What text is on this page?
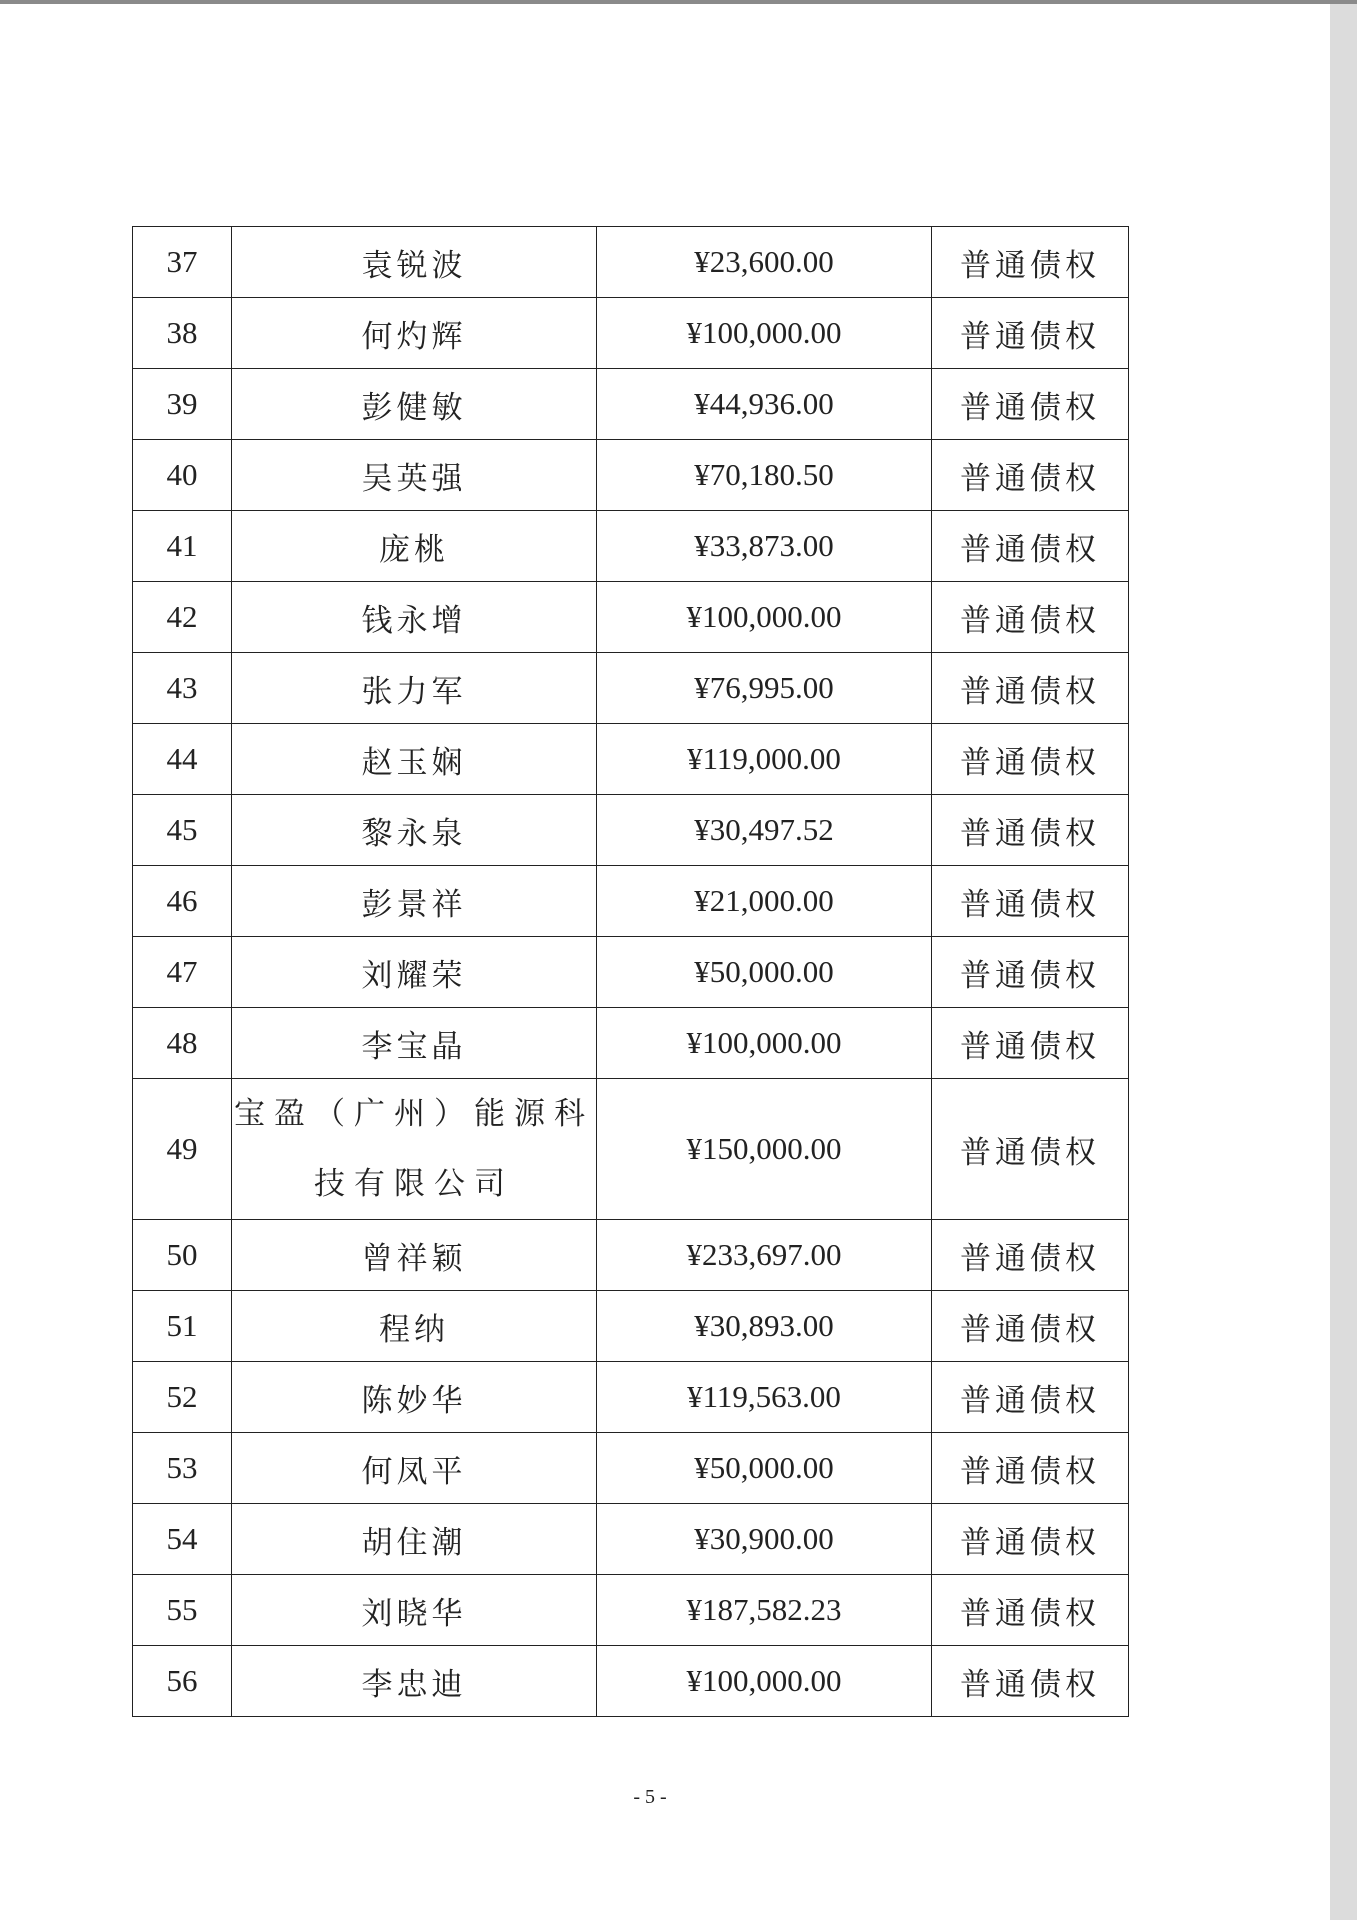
37	袁锐波	¥23,600.00	普通债权
38	何灼辉	¥100,000.00	普通债权
39	彭健敏	¥44,936.00	普通债权
40	吴英强	¥70,180.50	普通债权
41	庞桃	¥33,873.00	普通债权
42	钱永增	¥100,000.00	普通债权
43	张力军	¥76,995.00	普通债权
44	赵玉娴	¥119,000.00	普通债权
45	黎永泉	¥30,497.52	普通债权
46	彭景祥	¥21,000.00	普通债权
47	刘耀荣	¥50,000.00	普通债权
48	李宝晶	¥100,000.00	普通债权
49	宝盈（广州）能源科技有限公司	¥150,000.00	普通债权
50	曾祥颖	¥233,697.00	普通债权
51	程纳	¥30,893.00	普通债权
52	陈妙华	¥119,563.00	普通债权
53	何凤平	¥50,000.00	普通债权
54	胡住潮	¥30,900.00	普通债权
55	刘晓华	¥187,582.23	普通债权
56	李忠迪	¥100,000.00	普通债权
- 5 -
